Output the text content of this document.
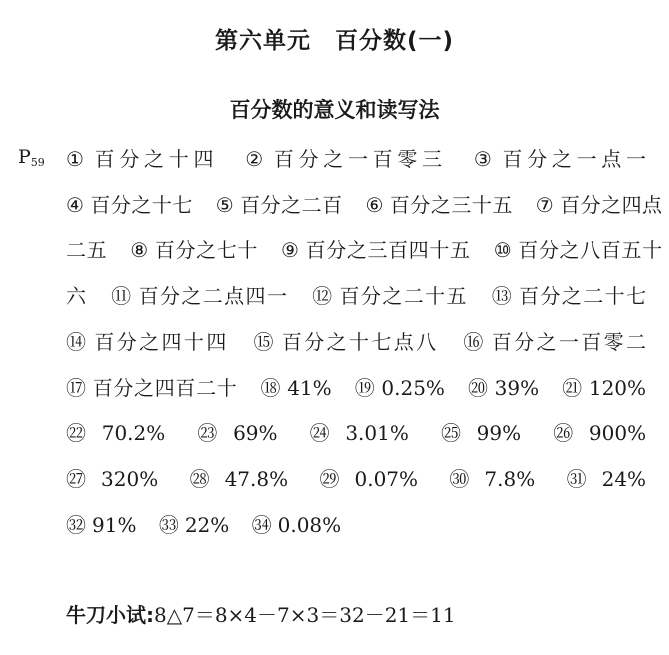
第六单元　百分数(一)
百分数的意义和读写法
$P_{59}$ ① 百分之十四 ② 百分之一百零三 ③ 百分之一点一 ④ 百分之十七 ⑤ 百分之二百 ⑥ 百分之三十五 ⑦ 百分之四点二五 ⑧ 百分之七十 ⑨ 百分之三百四十五 ⑩ 百分之八百五十六 ⑪ 百分之二点四一 ⑫ 百分之二十五 ⑬ 百分之二十七 ⑭ 百分之四十四 ⑮ 百分之十七点八 ⑯ 百分之一百零二 ⑰ 百分之四百二十 ⑱ 41% ⑲ 0.25% ⑳ 39% ㉑ 120% ㉒ 70.2% ㉓ 69% ㉔ 3.01% ㉕ 99% ㉖ 900% ㉗ 320% ㉘ 47.8% ㉙ 0.07% ㉚ 7.8% ㉛ 24% ㉜ 91% ㉝ 22% ㉞ 0.08%
牛刀小试:8△7＝8×4－7×3＝32－21＝11
